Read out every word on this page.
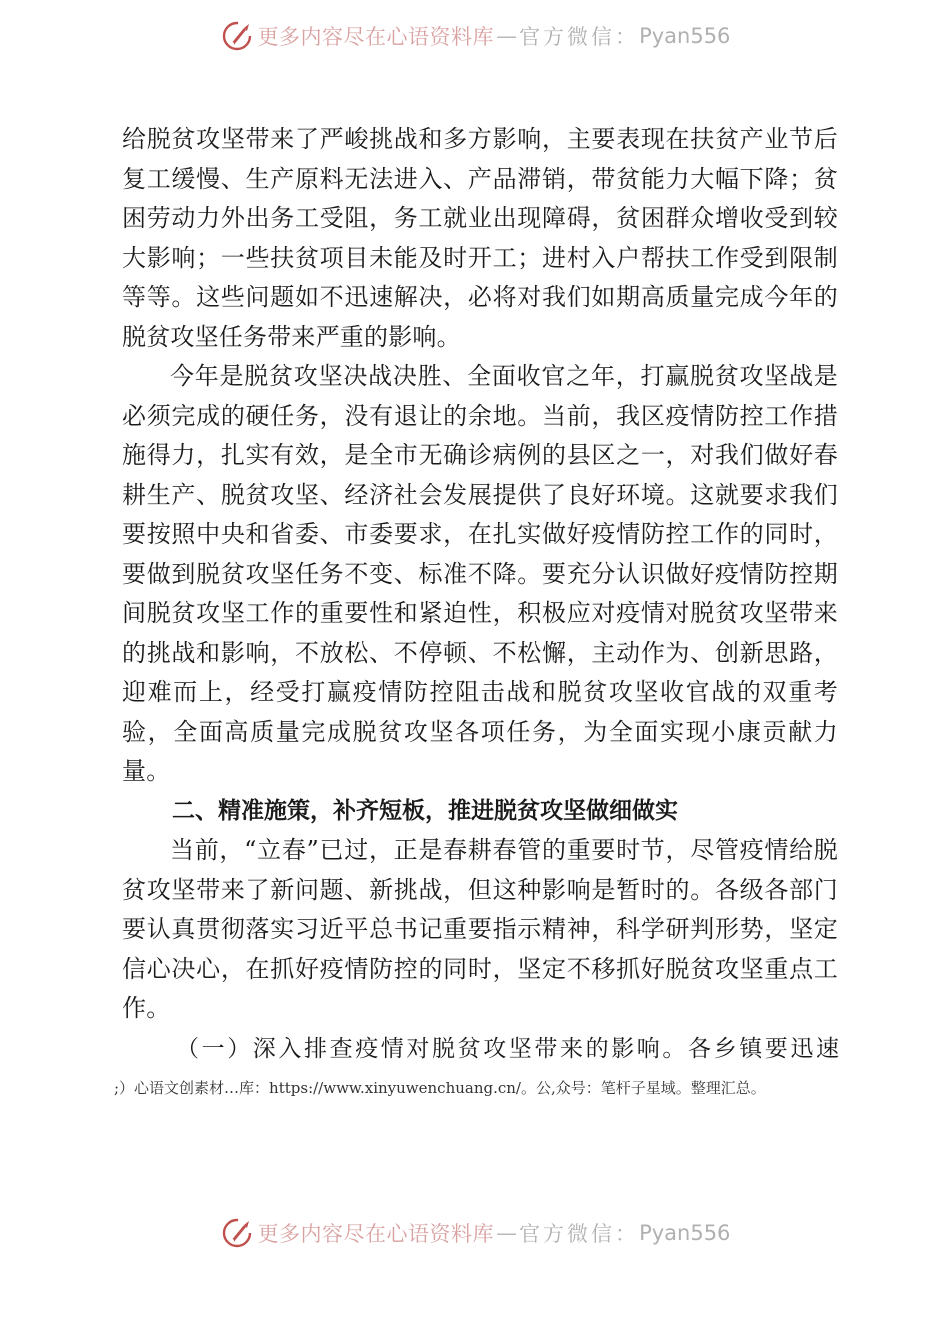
更多内容尽在心语资料库 — 官方微信： Pyan556

给脱贫攻坚带来了严峻挑战和多方影响，主要表现在扶贫产业节后复工缓慢、生产原料无法进入、产品滞销，带贫能力大幅下降；贫困劳动力外出务工受阻，务工就业出现障碍，贫困群众增收受到较大影响；一些扶贫项目未能及时开工；进村入户帮扶工作受到限制等等。这些问题如不迅速解决，必将对我们如期高质量完成今年的脱贫攻坚任务带来严重的影响。

今年是脱贫攻坚决战决胜、全面收官之年，打赢脱贫攻坚战是必须完成的硬任务，没有退让的余地。当前，我区疫情防控工作措施得力，扎实有效，是全市无确诊病例的县区之一，对我们做好春耕生产、脱贫攻坚、经济社会发展提供了良好环境。这就要求我们要按照中央和省委、市委要求，在扎实做好疫情防控工作的同时，要做到脱贫攻坚任务不变、标准不降。要充分认识做好疫情防控期间脱贫攻坚工作的重要性和紧迫性，积极应对疫情对脱贫攻坚带来的挑战和影响，不放松、不停顿、不松懈，主动作为、创新思路，迎难而上，经受打赢疫情防控阻击战和脱贫攻坚收官战的双重考验，全面高质量完成脱贫攻坚各项任务，为全面实现小康贡献力量。

二、精准施策，补齐短板，推进脱贫攻坚做细做实

当前，“立春”已过，正是春耕春管的重要时节，尽管疫情给脱贫攻坚带来了新问题、新挑战，但这种影响是暂时的。各级各部门要认真贯彻落实习近平总书记重要指示精神，科学研判形势，坚定信心决心，在抓好疫情防控的同时，坚定不移抓好脱贫攻坚重点工作。

（一）深入排查疫情对脱贫攻坚带来的影响。各乡镇要迅速

;）心语文创素材…库：https://www.xinyuwenchuang.cn/。公,众号：笔杆子星域。整理汇总。
更多内容尽在心语资料库 — 官方微信： Pyan556
